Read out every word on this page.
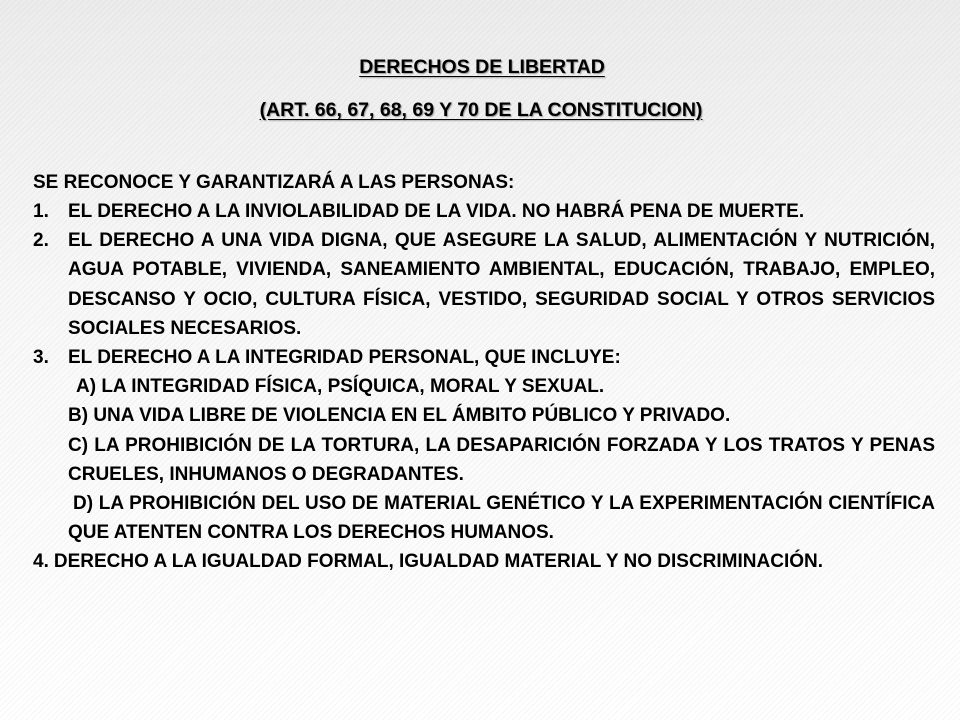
DERECHOS DE LIBERTAD
(ART. 66, 67, 68, 69 Y 70 DE LA CONSTITUCION)
SE RECONOCE Y GARANTIZARÁ A LAS PERSONAS:
1. EL DERECHO A LA INVIOLABILIDAD DE LA VIDA. NO HABRÁ PENA DE MUERTE.
2. EL DERECHO A UNA VIDA DIGNA, QUE ASEGURE LA SALUD, ALIMENTACIÓN Y NUTRICIÓN, AGUA POTABLE, VIVIENDA, SANEAMIENTO AMBIENTAL, EDUCACIÓN, TRABAJO, EMPLEO, DESCANSO Y OCIO, CULTURA FÍSICA, VESTIDO, SEGURIDAD SOCIAL Y OTROS SERVICIOS SOCIALES NECESARIOS.
3. EL DERECHO A LA INTEGRIDAD PERSONAL, QUE INCLUYE:
A) LA INTEGRIDAD FÍSICA, PSÍQUICA, MORAL Y SEXUAL.
B) UNA VIDA LIBRE DE VIOLENCIA EN EL ÁMBITO PÚBLICO Y PRIVADO.
C) LA PROHIBICIÓN DE LA TORTURA, LA DESAPARICIÓN FORZADA Y LOS TRATOS Y PENAS CRUELES, INHUMANOS O DEGRADANTES.
D) LA PROHIBICIÓN DEL USO DE MATERIAL GENÉTICO Y LA EXPERIMENTACIÓN CIENTÍFICA QUE ATENTEN CONTRA LOS DERECHOS HUMANOS.
4. DERECHO A LA IGUALDAD FORMAL, IGUALDAD MATERIAL Y NO DISCRIMINACIÓN.
